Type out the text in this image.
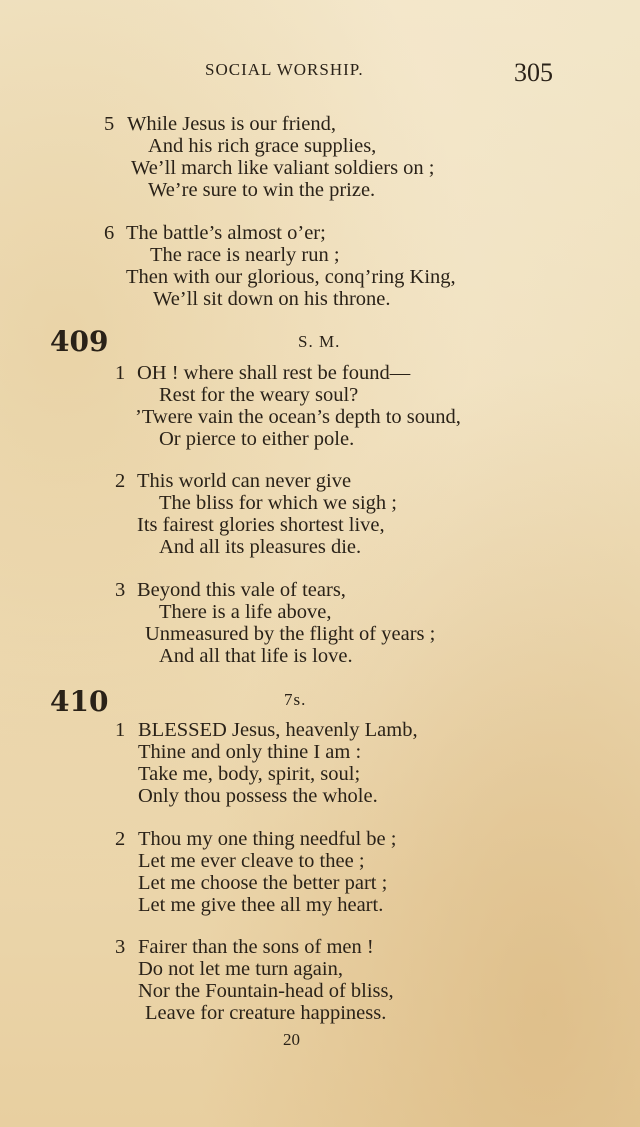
SOCIAL WORSHIP.	305
5 While Jesus is our friend,
And his rich grace supplies,
We’ll march like valiant soldiers on ;
We’re sure to win the prize.
6 The battle’s almost o’er;
The race is nearly run ;
Then with our glorious, conq’ring King,
We’ll sit down on his throne.
409	S. M.
1 OH ! where shall rest be found—
Rest for the weary soul?
’Twere vain the ocean’s depth to sound,
Or pierce to either pole.
2 This world can never give
The bliss for which we sigh ;
Its fairest glories shortest live,
And all its pleasures die.
3 Beyond this vale of tears,
There is a life above,
Unmeasured by the flight of years ;
And all that life is love.
410	7s.
1 BLESSED Jesus, heavenly Lamb,
Thine and only thine I am :
Take me, body, spirit, soul;
Only thou possess the whole.
2 Thou my one thing needful be ;
Let me ever cleave to thee ;
Let me choose the better part ;
Let me give thee all my heart.
3 Fairer than the sons of men !
Do not let me turn again,
Nor the Fountain-head of bliss,
Leave for creature happiness.
20
